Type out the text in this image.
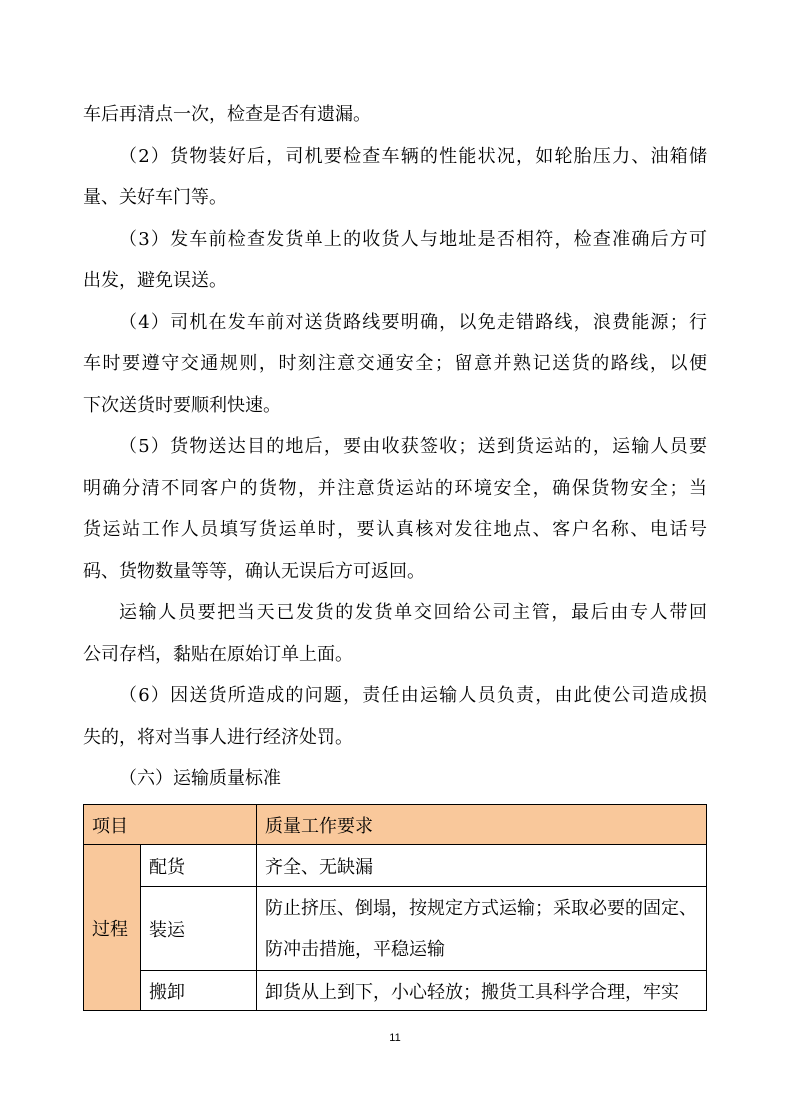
车后再清点一次，检查是否有遗漏。
（2）货物装好后，司机要检查车辆的性能状况，如轮胎压力、油箱储
量、关好车门等。
（3）发车前检查发货单上的收货人与地址是否相符，检查准确后方可
出发，避免误送。
（4）司机在发车前对送货路线要明确，以免走错路线，浪费能源；行
车时要遵守交通规则，时刻注意交通安全；留意并熟记送货的路线，以便
下次送货时要顺利快速。
（5）货物送达目的地后，要由收获签收；送到货运站的，运输人员要
明确分清不同客户的货物，并注意货运站的环境安全，确保货物安全；当
货运站工作人员填写货运单时，要认真核对发往地点、客户名称、电话号
码、货物数量等等，确认无误后方可返回。
运输人员要把当天已发货的发货单交回给公司主管，最后由专人带回
公司存档，黏贴在原始订单上面。
（6）因送货所造成的问题，责任由运输人员负责，由此使公司造成损
失的，将对当事人进行经济处罚。
（六）运输质量标准
项目		质量工作要求
过程	配货	齐全、无缺漏
	装运	防止挤压、倒塌，按规定方式运输；采取必要的固定、防冲击措施，平稳运输
	搬卸	卸货从上到下，小心轻放；搬货工具科学合理，牢实
11
